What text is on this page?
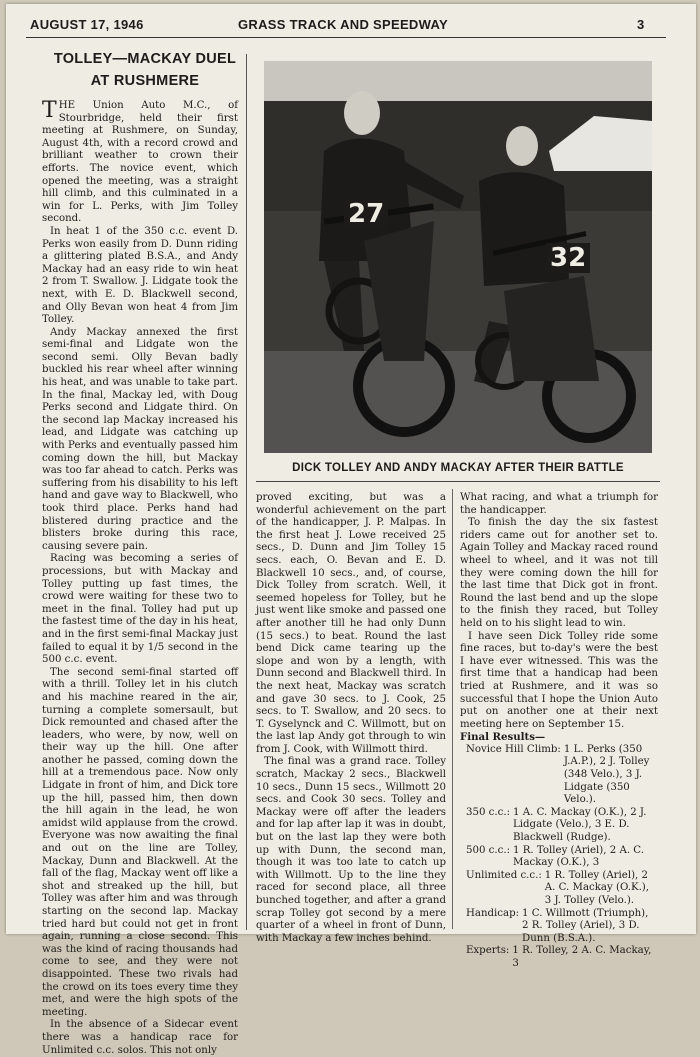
AUGUST 17, 1946	GRASS TRACK AND SPEEDWAY	3
TOLLEY—MACKAY DUEL
AT RUSHMERE

THE Union Auto M.C., of Stourbridge, held their first meeting at Rushmere, on Sunday, August 4th, with a record crowd and brilliant weather to crown their efforts. The novice event, which opened the meeting, was a straight hill climb, and this culminated in a win for L. Perks, with Jim Tolley second.

In heat 1 of the 350 c.c. event D. Perks won easily from D. Dunn riding a glittering plated B.S.A., and Andy Mackay had an easy ride to win heat 2 from T. Swallow. J. Lidgate took the next, with E. D. Blackwell second, and Olly Bevan won heat 4 from Jim Tolley.

Andy Mackay annexed the first semi-final and Lidgate won the second semi. Olly Bevan badly buckled his rear wheel after winning his heat, and was unable to take part. In the final, Mackay led, with Doug Perks second and Lidgate third. On the second lap Mackay increased his lead, and Lidgate was catching up with Perks and eventually passed him coming down the hill, but Mackay was too far ahead to catch. Perks was suffering from his disability to his left hand and gave way to Blackwell, who took third place. Perks hand had blistered during practice and the blisters broke during this race, causing severe pain.

Racing was becoming a series of processions, but with Mackay and Tolley putting up fast times, the crowd were waiting for these two to meet in the final. Tolley had put up the fastest time of the day in his heat, and in the first semi-final Mackay just failed to equal it by 1/5 second in the 500 c.c. event.

The second semi-final started off with a thrill. Tolley let in his clutch and his machine reared in the air, turning a complete somersault, but Dick remounted and chased after the leaders, who were, by now, well on their way up the hill. One after another he passed, coming down the hill at a tremendous pace. Now only Lidgate in front of him, and Dick tore up the hill, passed him, then down the hill again in the lead, he won amidst wild applause from the crowd. Everyone was now awaiting the final and out on the line are Tolley, Mackay, Dunn and Blackwell. At the fall of the flag, Mackay went off like a shot and streaked up the hill, but Tolley was after him and was through starting on the second lap. Mackay tried hard but could not get in front again, running a close second. This was the kind of racing thousands had come to see, and they were not disappointed. These two rivals had the crowd on its toes every time they met, and were the high spots of the meeting.

In the absence of a Sidecar event there was a handicap race for Unlimited c.c. solos. This not only

27
32
DICK TOLLEY AND ANDY MACKAY AFTER THEIR BATTLE

proved exciting, but was a wonderful achievement on the part of the handicapper, J. P. Malpas. In the first heat J. Lowe received 25 secs., D. Dunn and Jim Tolley 15 secs. each, O. Bevan and E. D. Blackwell 10 secs., and, of course, Dick Tolley from scratch. Well, it seemed hopeless for Tolley, but he just went like smoke and passed one after another till he had only Dunn (15 secs.) to beat. Round the last bend Dick came tearing up the slope and won by a length, with Dunn second and Blackwell third. In the next heat, Mackay was scratch and gave 30 secs. to J. Cook, 25 secs. to T. Swallow, and 20 secs. to T. Gyselynck and C. Willmott, but on the last lap Andy got through to win from J. Cook, with Willmott third.

The final was a grand race. Tolley scratch, Mackay 2 secs., Blackwell 10 secs., Dunn 15 secs., Willmott 20 secs. and Cook 30 secs. Tolley and Mackay were off after the leaders and for lap after lap it was in doubt, but on the last lap they were both up with Dunn, the second man, though it was too late to catch up with Willmott. Up to the line they raced for second place, all three bunched together, and after a grand scrap Tolley got second by a mere quarter of a wheel in front of Dunn, with Mackay a few inches behind.

What racing, and what a triumph for the handicapper.

To finish the day the six fastest riders came out for another set to. Again Tolley and Mackay raced round wheel to wheel, and it was not till they were coming down the hill for the last time that Dick got in front. Round the last bend and up the slope to the finish they raced, but Tolley held on to his slight lead to win.

I have seen Dick Tolley ride some fine races, but to-day's were the best I have ever witnessed. This was the first time that a handicap had been tried at Rushmere, and it was so successful that I hope the Union Auto put on another one at their next meeting here on September 15.

Final Results—

Novice Hill Climb: 1 L. Perks (350 J.A.P.), 2 J. Tolley (348 Velo.), 3 J. Lidgate (350 Velo.).
350 c.c.: 1 A. C. Mackay (O.K.), 2 J. Lidgate (Velo.), 3 E. D. Blackwell (Rudge).
500 c.c.: 1 R. Tolley (Ariel), 2 A. C. Mackay (O.K.), 3
Unlimited c.c.: 1 R. Tolley (Ariel), 2 A. C. Mackay (O.K.), 3 J. Tolley (Velo.).
Handicap: 1 C. Willmott (Triumph), 2 R. Tolley (Ariel), 3 D. Dunn (B.S.A.).
Experts: 1 R. Tolley, 2 A. C. Mackay, 3
